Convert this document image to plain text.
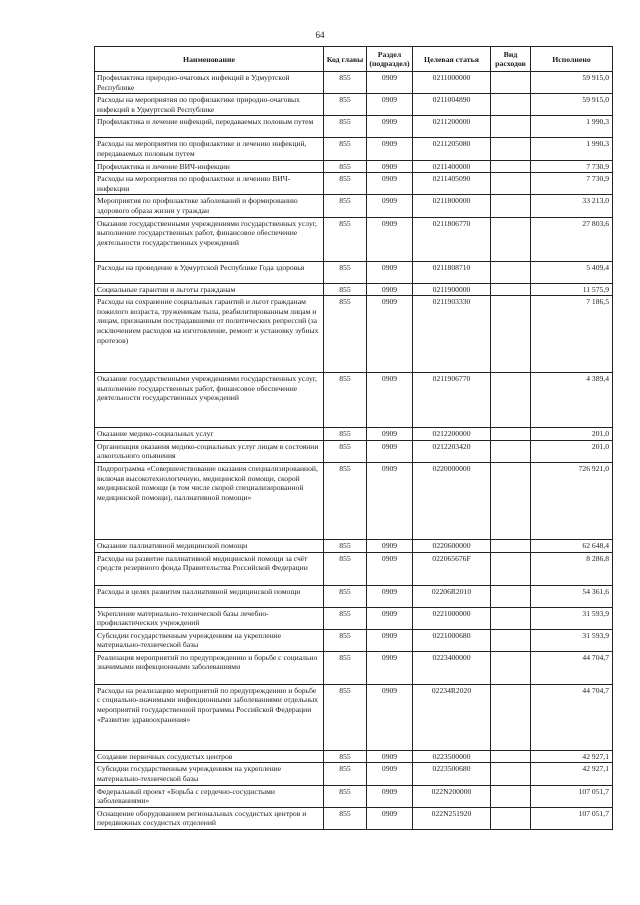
64
Наименование	Код главы	Раздел (подраздел)	Целевая статья	Вид расходов	Исполнено
Профилактика природно-очаговых инфекций в Удмуртской Республике	855	0909	0211000000		59 915,0
Расходы на мероприятия по профилактике природно-очаговых инфекций в Удмуртской Республике	855	0909	0211004890		59 915,0
Профилактика и лечение инфекций, передаваемых половым путем	855	0909	0211200000		1 990,3
Расходы на мероприятия по профилактике и лечению инфекций, передаваемых половым путем	855	0909	0211205080		1 990,3
Профилактика и лечение ВИЧ-инфекции	855	0909	0211400000		7 730,9
Расходы на мероприятия по профилактике и лечению ВИЧ-инфекции	855	0909	0211405090		7 730,9
Мероприятия по профилактике заболеваний и формированию здорового образа жизни у граждан	855	0909	0211800000		33 213,0
Оказание государственными учреждениями государственных услуг, выполнение государственных работ, финансовое обеспечение деятельности государственных учреждений	855	0909	0211806770		27 803,6
Расходы на проведение в Удмуртской Республике Года здоровья	855	0909	0211808710		5 409,4
Социальные гарантии и льготы гражданам	855	0909	0211900000		11 575,9
Расходы на сохранение социальных гарантий и льгот гражданам пожилого возраста, труженикам тыла, реабилитированным лицам и лицам, признанным пострадавшими от политических репрессий (за исключением расходов на изготовление, ремонт и установку зубных протезов)	855	0909	0211903330		7 186,5
Оказание государственными учреждениями государственных услуг, выполнение государственных работ, финансовое обеспечение деятельности государственных учреждений	855	0909	0211906770		4 389,4
Оказание медико-социальных услуг	855	0909	0212200000		201,0
Организация оказания медико-социальных услуг лицам в состоянии алкогольного опьянения	855	0909	0212203420		201,0
Подпрограмма «Совершенствование оказания специализированной, включая высокотехнологичную, медицинской помощи, скорой медицинской помощи (в том числе скорой специализированной медицинской помощи), паллиативной помощи»	855	0909	0220000000		726 921,0
Оказание паллиативной медицинской помощи	855	0909	0220600000		62 648,4
Расходы на развитие паллиативной медицинской помощи за счёт средств резервного фонда Правительства Российской Федерации	855	0909	022065676F		8 286,8
Расходы в целях развития паллиативной медицинской помощи	855	0909	02206R2010		54 361,6
Укрепление материально-технической базы лечебно-профилактических учреждений	855	0909	0221000000		31 593,9
Субсидии государственным учреждениям на укрепление материально-технической базы	855	0909	0221000680		31 593,9
Реализация мероприятий по предупреждению и борьбе с социально значимыми инфекционными заболеваниями	855	0909	0223400000		44 704,7
Расходы на реализацию мероприятий по предупреждению и борьбе с социально-значимыми инфекционными заболеваниями отдельных мероприятий государственной программы Российской Федерации «Развитие здравоохранения»	855	0909	02234R2020		44 704,7
Создание первичных сосудистых центров	855	0909	0223500000		42 927,1
Субсидии государственным учреждениям на укрепление материально-технической базы	855	0909	0223500680		42 927,1
Федеральный проект «Борьба с сердечно-сосудистыми заболеваниями»	855	0909	022N200000		107 051,7
Оснащение оборудованием региональных сосудистых центров и передвижных сосудистых отделений	855	0909	022N251920		107 051,7
